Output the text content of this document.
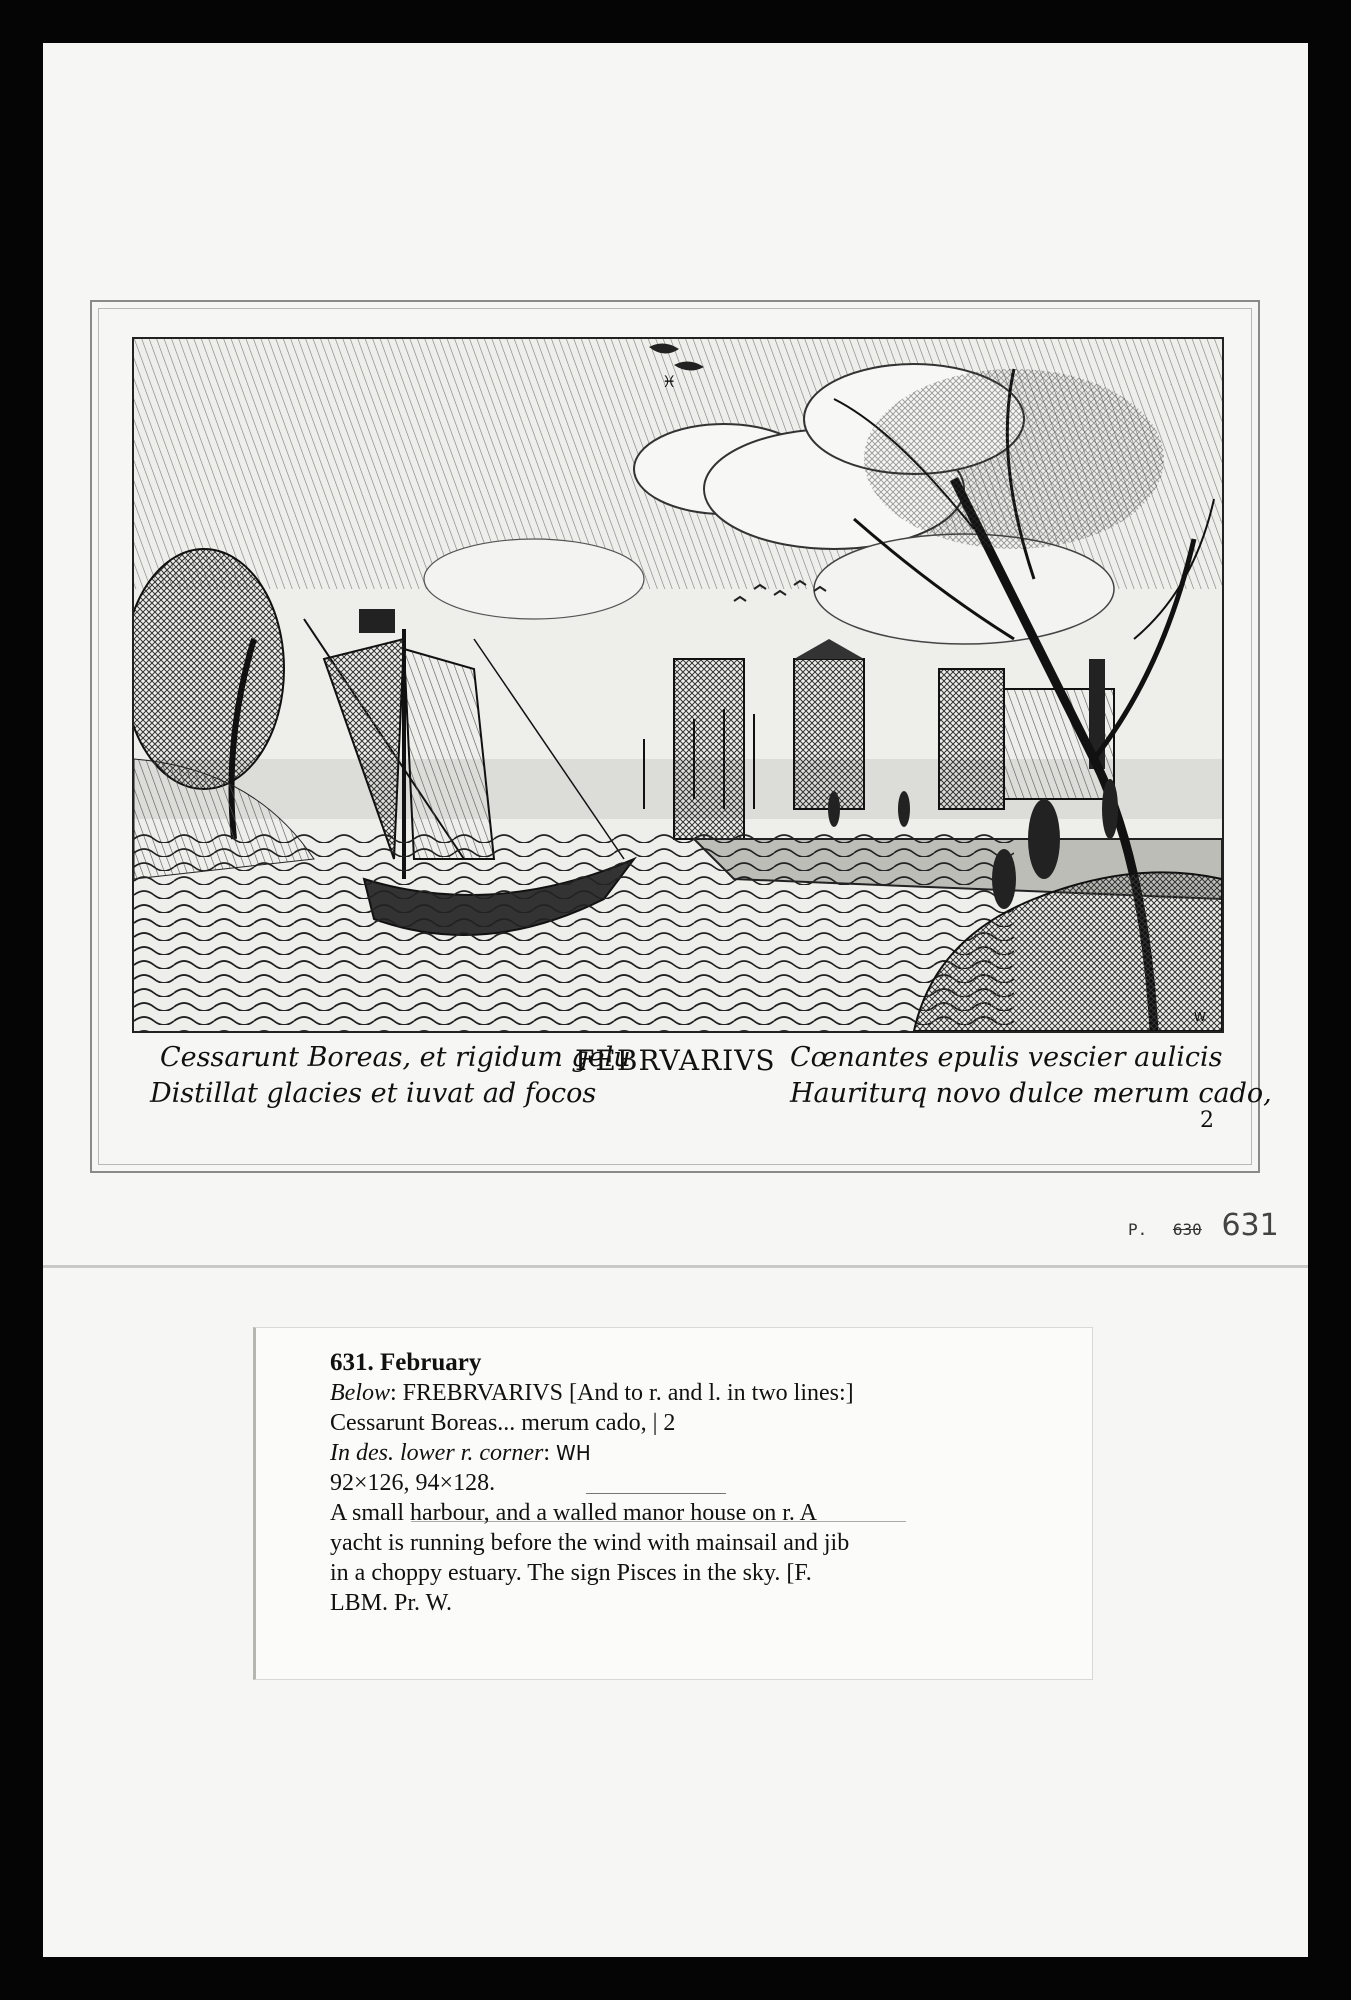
♓
W
Cessarunt Boreas, et rigidum gelu
Distillat glacies et iuvat ad focos
FEBRVARIVS Cœnantes epulis vescier aulicis
Hauriturq novo dulce merum cado,
2
P. 630 631
631. February
Below: FREBRVARIVS [And to r. and l. in two lines:]
Cessarunt Boreas... merum cado, | 2
In des. lower r. corner: WH
92×126, 94×128.
A small harbour, and a walled manor house on r. A
yacht is running before the wind with mainsail and jib
in a choppy estuary. The sign Pisces in the sky. [F.
LBM. Pr. W.
